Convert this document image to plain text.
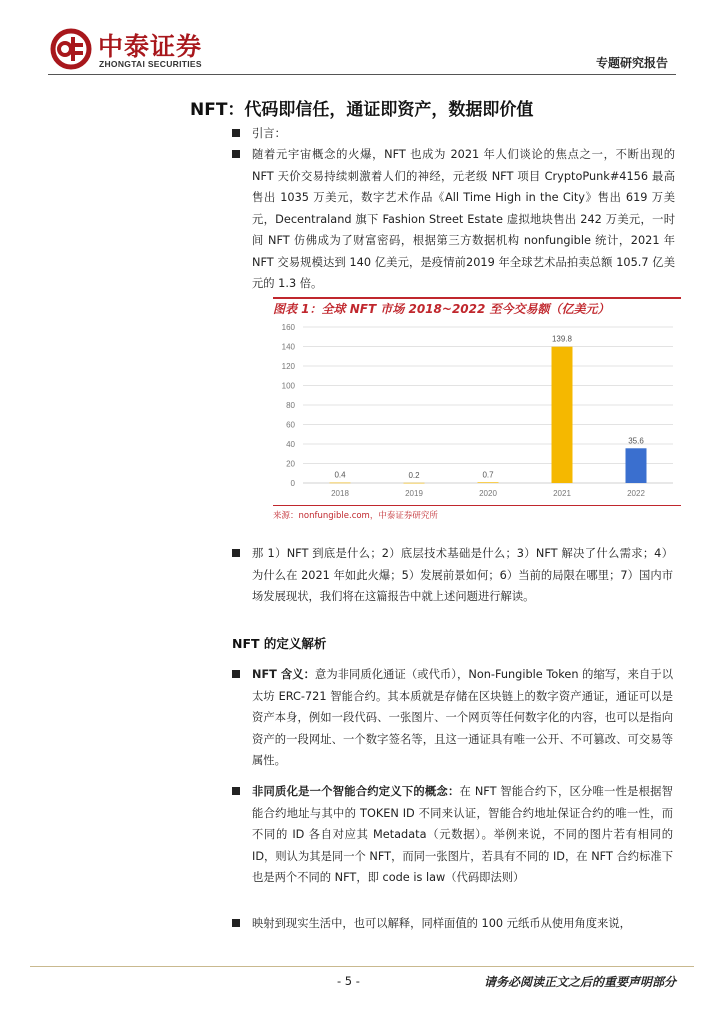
中泰证券
ZHONGTAI SECURITIES	专题研究报告
NFT：代码即信任，通证即资产，数据即价值
引言：
随着元宇宙概念的火爆，NFT 也成为 2021 年人们谈论的焦点之一，不断出现的 NFT 天价交易持续刺激着人们的神经，元老级 NFT 项目 CryptoPunk#4156 最高售出 1035 万美元，数字艺术作品《All Time High in the City》售出 619 万美元，Decentraland 旗下 Fashion Street Estate 虚拟地块售出 242 万美元，一时间 NFT 仿佛成为了财富密码，根据第三方数据机构 nonfungible 统计，2021 年 NFT 交易规模达到 140 亿美元，是疫情前2019 年全球艺术品拍卖总额 105.7 亿美元的 1.3 倍。
图表 1：全球 NFT 市场 2018~2022 至今交易额（亿美元）
0
20
40
60
80
100
120
140
160
0.4
2018
0.2
2019
0.7
2020
139.8
2021
35.6
2022
来源：nonfungible.com，中泰证券研究所
那 1）NFT 到底是什么；2）底层技术基础是什么；3）NFT 解决了什么需求；4）为什么在 2021 年如此火爆；5）发展前景如何；6）当前的局限在哪里；7）国内市场发展现状，我们将在这篇报告中就上述问题进行解读。
NFT 的定义解析
NFT 含义：意为非同质化通证（或代币），Non-Fungible Token 的缩写，来自于以太坊 ERC-721 智能合约。其本质就是存储在区块链上的数字资产通证，通证可以是资产本身，例如一段代码、一张图片、一个网页等任何数字化的内容，也可以是指向资产的一段网址、一个数字签名等，且这一通证具有唯一公开、不可篡改、可交易等属性。
非同质化是一个智能合约定义下的概念：在 NFT 智能合约下，区分唯一性是根据智能合约地址与其中的 TOKEN ID 不同来认证，智能合约地址保证合约的唯一性，而不同的 ID 各自对应其 Metadata（元数据）。举例来说，不同的图片若有相同的 ID，则认为其是同一个 NFT，而同一张图片，若具有不同的 ID，在 NFT 合约标准下也是两个不同的 NFT，即 code is law（代码即法则）
映射到现实生活中，也可以解释，同样面值的 100 元纸币从使用角度来说，
- 5 -	请务必阅读正文之后的重要声明部分
